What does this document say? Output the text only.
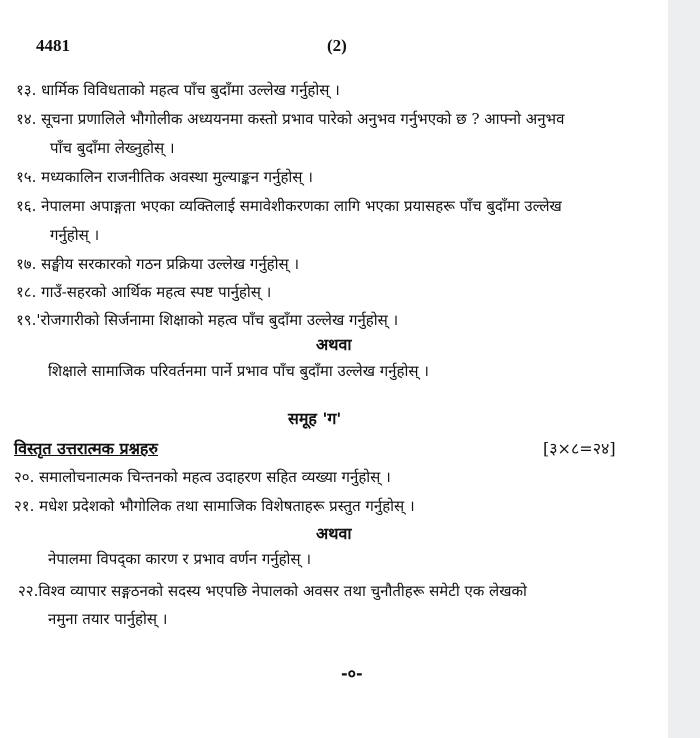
4481	(2)
१३. धार्मिक विविधताको महत्व पाँच बुदाँमा उल्लेख गर्नुहोस् ।
१४. सूचना प्रणालिले भौगोलीक अध्ययनमा कस्तो प्रभाव पारेको अनुभव गर्नुभएको छ ? आफ्नो अनुभव
पाँच बुदाँमा लेख्नुहोस् ।
१५. मध्यकालिन राजनीतिक अवस्था मुल्याङ्कन गर्नुहोस् ।
१६. नेपालमा अपाङ्गता भएका व्यक्तिलाई समावेशीकरणका लागि भएका प्रयासहरू पाँच बुदाँमा उल्लेख
गर्नुहोस् ।
१७. सङ्घीय सरकारको गठन प्रक्रिया उल्लेख गर्नुहोस् ।
१८. गाउँ-सहरको आर्थिक महत्व स्पष्ट पार्नुहोस् ।
१९.'रोजगारीको सिर्जनामा शिक्षाको महत्व पाँच बुदाँमा उल्लेख गर्नुहोस् ।
अथवा
शिक्षाले सामाजिक परिवर्तनमा पार्ने प्रभाव पाँच बुदाँमा उल्लेख गर्नुहोस् ।
समूह 'ग'
विस्तृत उत्तरात्मक प्रश्नहरु	[३×८=२४]
२०. समालोचनात्मक चिन्तनको महत्व उदाहरण सहित व्यख्या गर्नुहोस् ।
२१. मधेश प्रदेशको भौगोलिक तथा सामाजिक विशेषताहरू प्रस्तुत गर्नुहोस् ।
अथवा
नेपालमा विपद्का कारण र प्रभाव वर्णन गर्नुहोस् ।
२२.विश्व व्यापार सङ्गठनको सदस्य भएपछि नेपालको अवसर तथा चुनौतीहरू समेटी एक लेखको
नमुना तयार पार्नुहोस् ।
-०-
